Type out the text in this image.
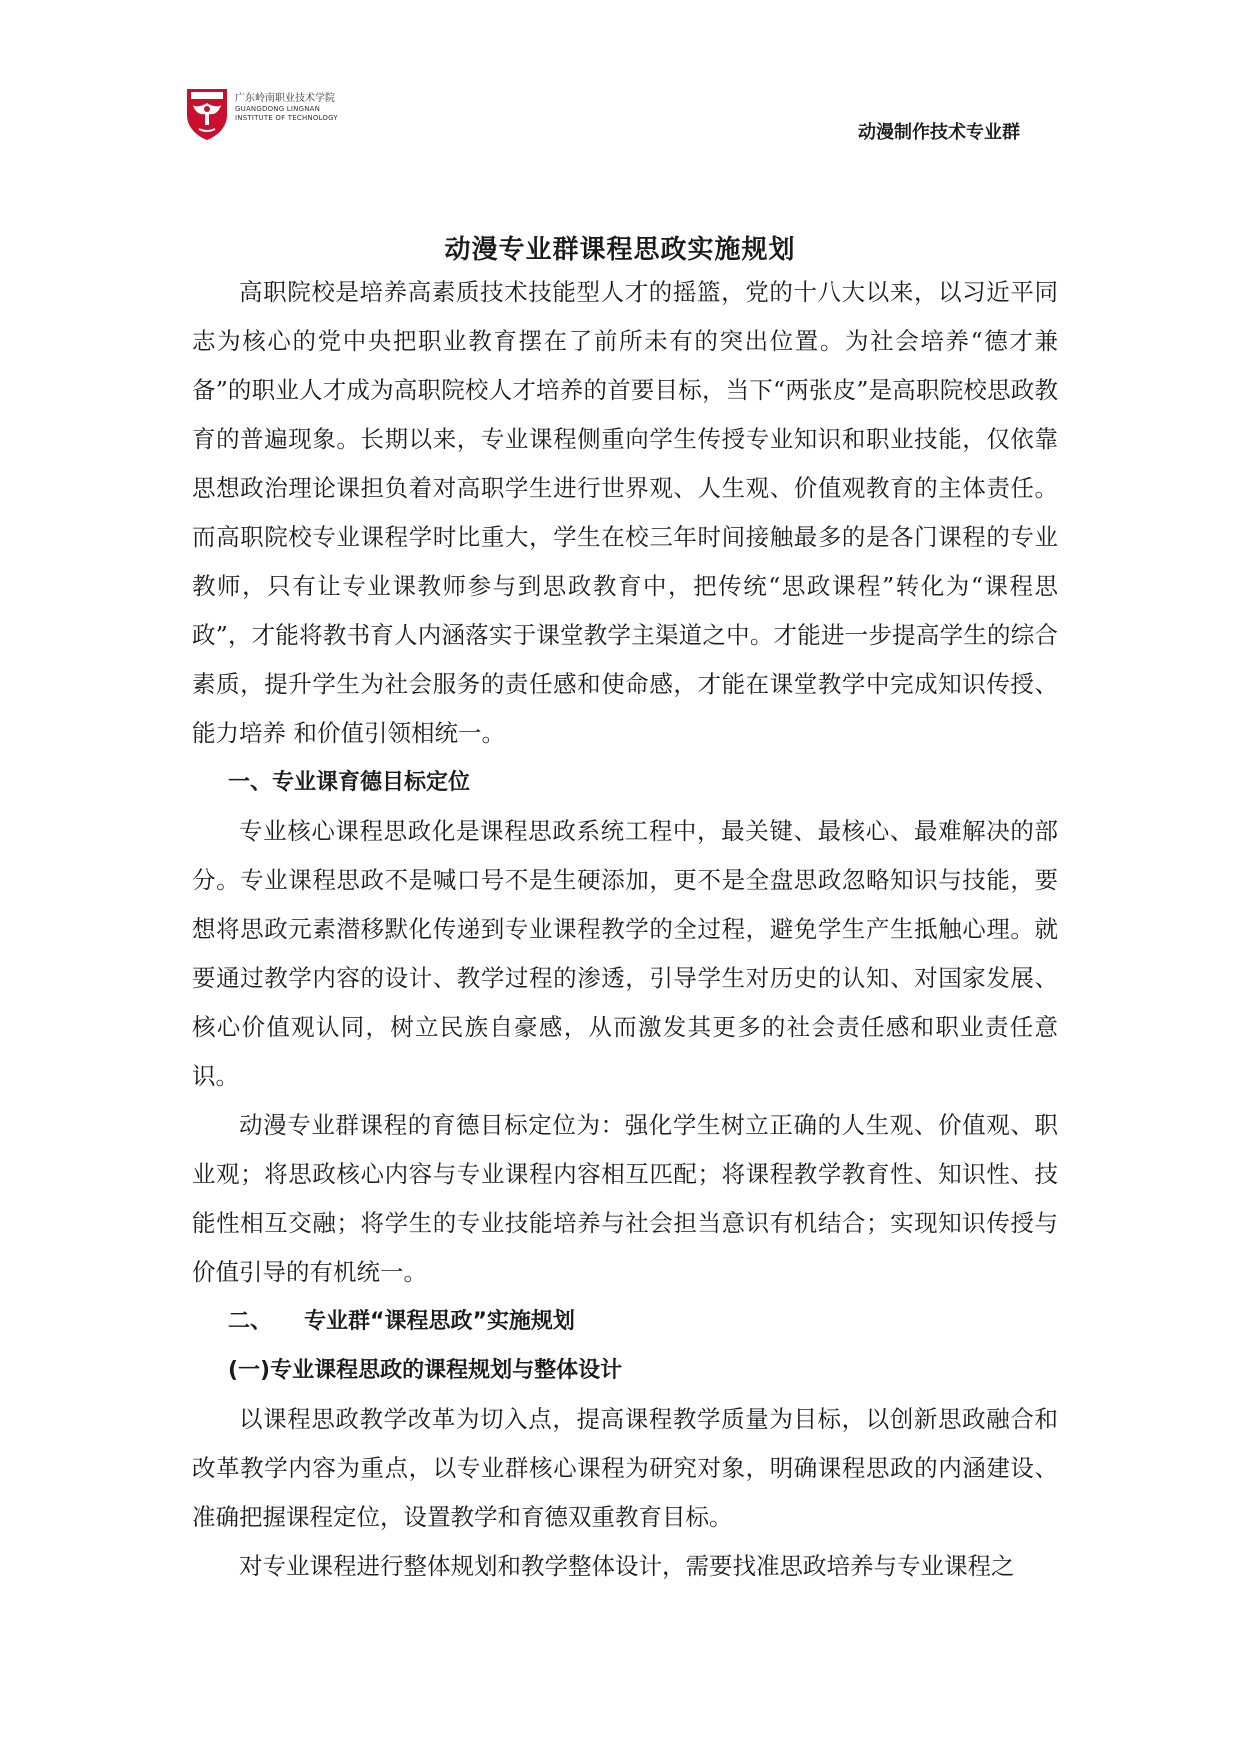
广东岭南职业技术学院
GUANGDONG LINGNAN
INSTITUTE OF TECHNOLOGY
动漫制作技术专业群
动漫专业群课程思政实施规划

高职院校是培养高素质技术技能型人才的摇篮，党的十八大以来，以习近平同志为核心的党中央把职业教育摆在了前所未有的突出位置。为社会培养“德才兼备”的职业人才成为高职院校人才培养的首要目标，当下“两张皮”是高职院校思政教育的普遍现象。长期以来，专业课程侧重向学生传授专业知识和职业技能，仅依靠思想政治理论课担负着对高职学生进行世界观、人生观、价值观教育的主体责任。而高职院校专业课程学时比重大，学生在校三年时间接触最多的是各门课程的专业教师，只有让专业课教师参与到思政教育中，把传统“思政课程”转化为“课程思政”，才能将教书育人内涵落实于课堂教学主渠道之中。才能进一步提高学生的综合素质，提升学生为社会服务的责任感和使命感，才能在课堂教学中完成知识传授、能力培养 和价值引领相统一。

一、专业课育德目标定位

专业核心课程思政化是课程思政系统工程中，最关键、最核心、最难解决的部分。专业课程思政不是喊口号不是生硬添加，更不是全盘思政忽略知识与技能，要想将思政元素潜移默化传递到专业课程教学的全过程，避免学生产生抵触心理。就要通过教学内容的设计、教学过程的渗透，引导学生对历史的认知、对国家发展、核心价值观认同，树立民族自豪感，从而激发其更多的社会责任感和职业责任意识。

动漫专业群课程的育德目标定位为：强化学生树立正确的人生观、价值观、职业观；将思政核心内容与专业课程内容相互匹配；将课程教学教育性、知识性、技能性相互交融；将学生的专业技能培养与社会担当意识有机结合；实现知识传授与价值引导的有机统一。

二、 专业群“课程思政”实施规划
(一)专业课程思政的课程规划与整体设计

以课程思政教学改革为切入点，提高课程教学质量为目标，以创新思政融合和改革教学内容为重点，以专业群核心课程为研究对象，明确课程思政的内涵建设、准确把握课程定位，设置教学和育德双重教育目标。

对专业课程进行整体规划和教学整体设计，需要找准思政培养与专业课程之
